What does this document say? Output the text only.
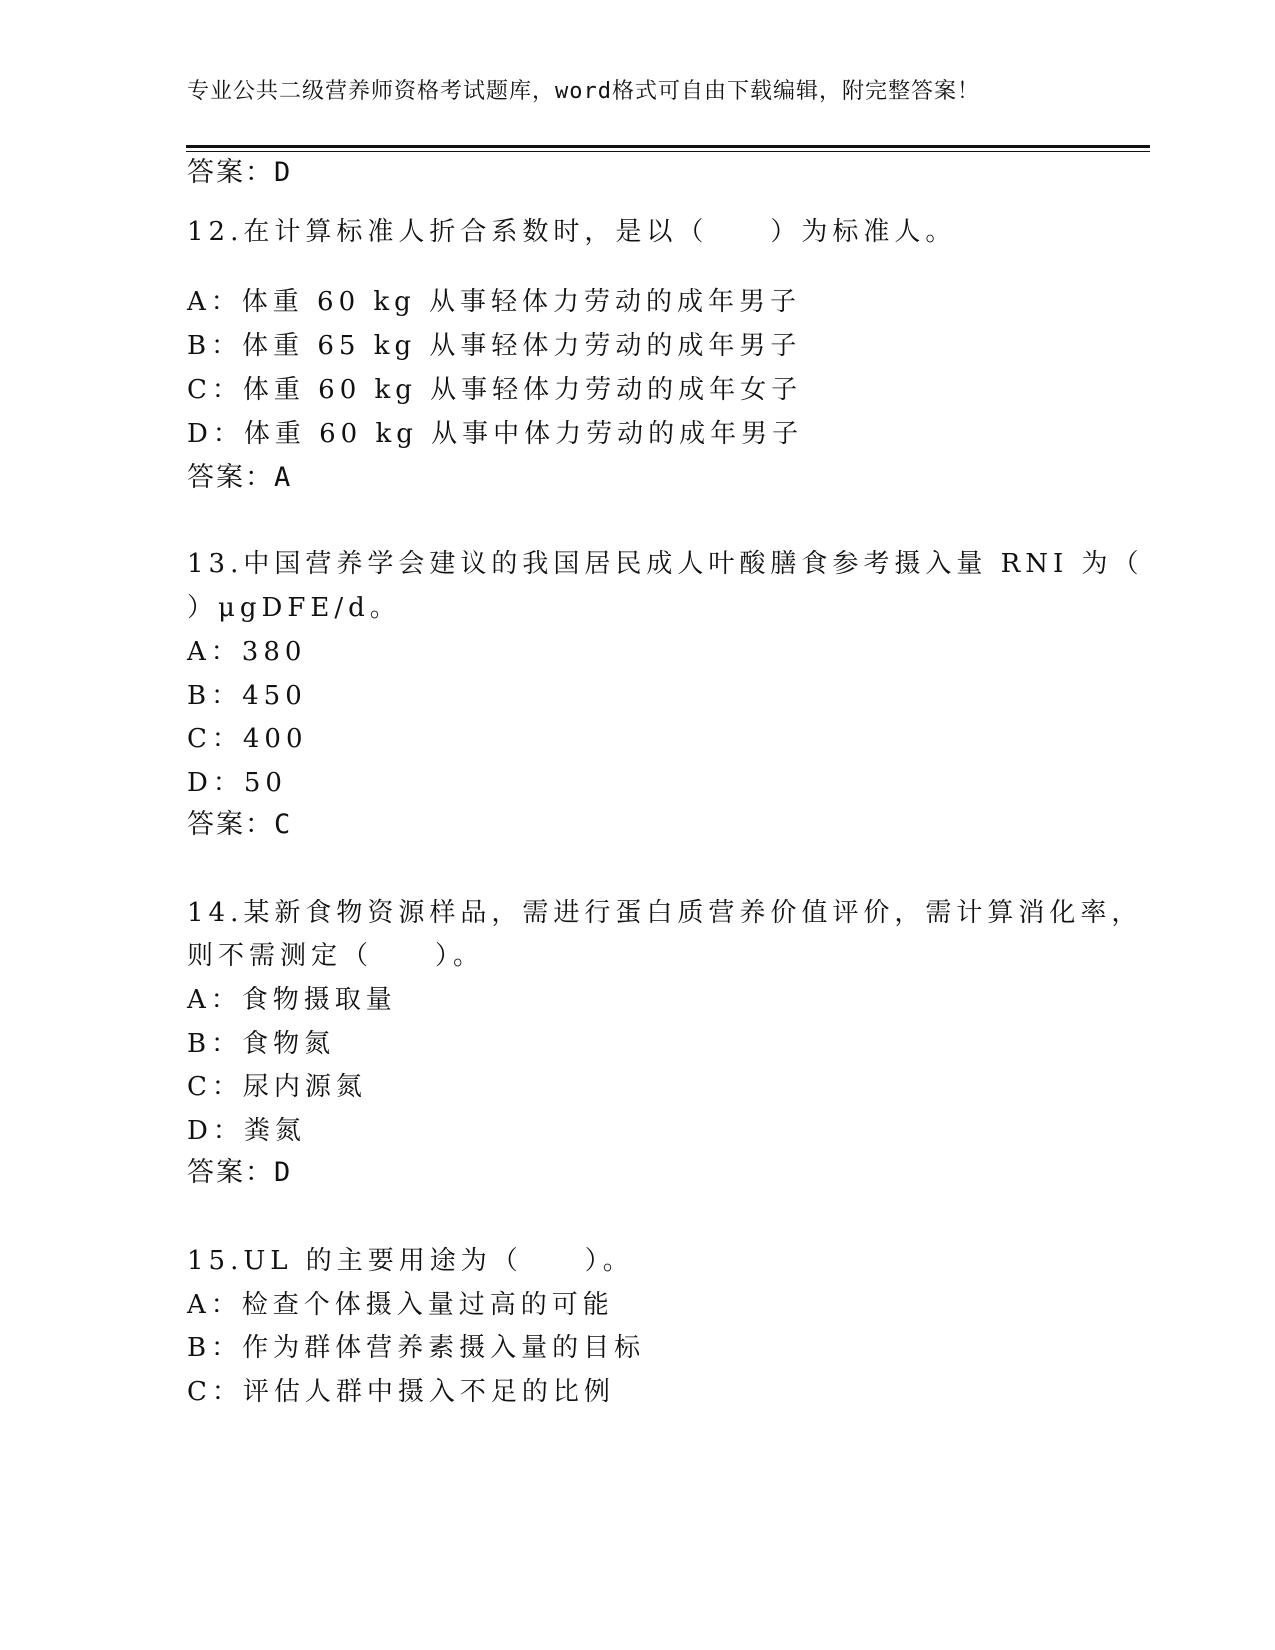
专业公共二级营养师资格考试题库，word格式可自由下载编辑，附完整答案！
答案：D
12.在计算标准人折合系数时，是以（　　）为标准人。
A：体重 60 kg 从事轻体力劳动的成年男子
B：体重 65 kg 从事轻体力劳动的成年男子
C：体重 60 kg 从事轻体力劳动的成年女子
D：体重 60 kg 从事中体力劳动的成年男子
答案：A
13.中国营养学会建议的我国居民成人叶酸膳食参考摄入量 RNI 为（
）μgDFE/d。
A：380
B：450
C：400
D：50
答案：C
14.某新食物资源样品，需进行蛋白质营养价值评价，需计算消化率，
则不需测定（　　）。
A：食物摄取量
B：食物氮
C：尿内源氮
D：粪氮
答案：D
15.UL 的主要用途为（　　）。
A：检查个体摄入量过高的可能
B：作为群体营养素摄入量的目标
C：评估人群中摄入不足的比例
